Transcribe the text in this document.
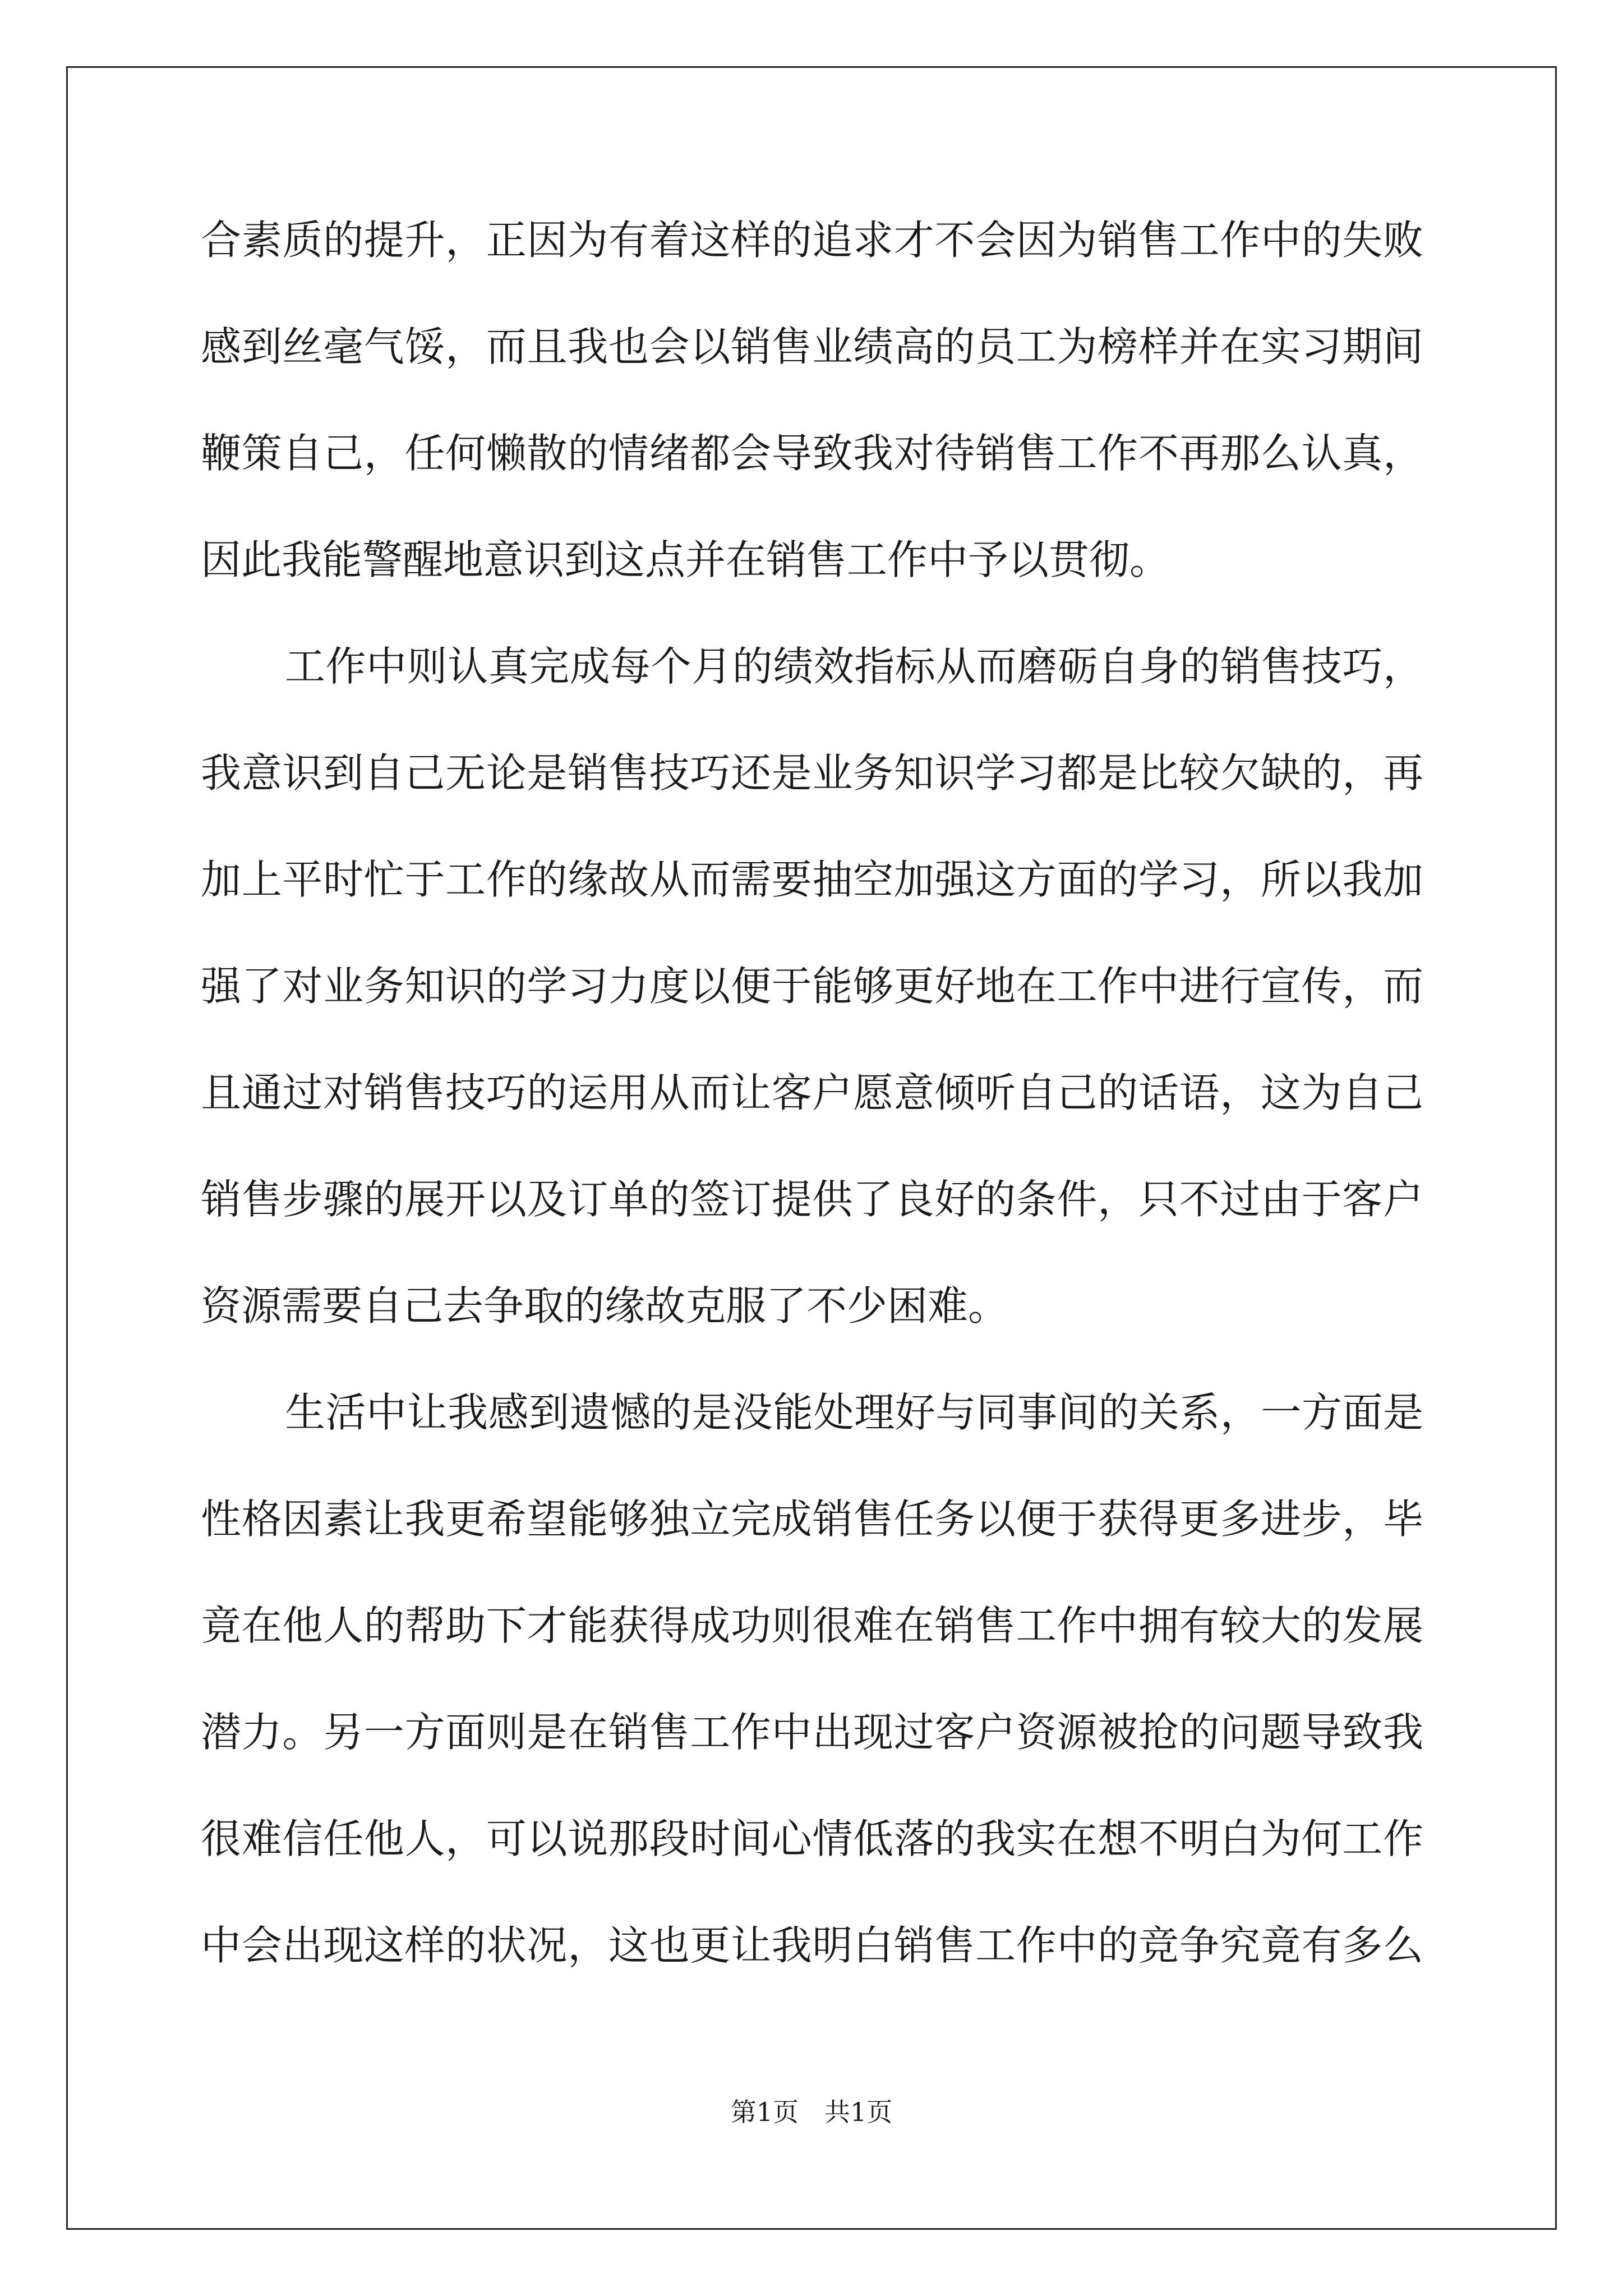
合素质的提升，正因为有着这样的追求才不会因为销售工作中的失败
感到丝毫气馁，而且我也会以销售业绩高的员工为榜样并在实习期间
鞭策自己，任何懒散的情绪都会导致我对待销售工作不再那么认真，
因此我能警醒地意识到这点并在销售工作中予以贯彻。
工作中则认真完成每个月的绩效指标从而磨砺自身的销售技巧，
我意识到自己无论是销售技巧还是业务知识学习都是比较欠缺的，再
加上平时忙于工作的缘故从而需要抽空加强这方面的学习，所以我加
强了对业务知识的学习力度以便于能够更好地在工作中进行宣传，而
且通过对销售技巧的运用从而让客户愿意倾听自己的话语，这为自己
销售步骤的展开以及订单的签订提供了良好的条件，只不过由于客户
资源需要自己去争取的缘故克服了不少困难。
生活中让我感到遗憾的是没能处理好与同事间的关系，一方面是
性格因素让我更希望能够独立完成销售任务以便于获得更多进步，毕
竟在他人的帮助下才能获得成功则很难在销售工作中拥有较大的发展
潜力。另一方面则是在销售工作中出现过客户资源被抢的问题导致我
很难信任他人，可以说那段时间心情低落的我实在想不明白为何工作
中会出现这样的状况，这也更让我明白销售工作中的竞争究竟有多么
第1页　共1页
